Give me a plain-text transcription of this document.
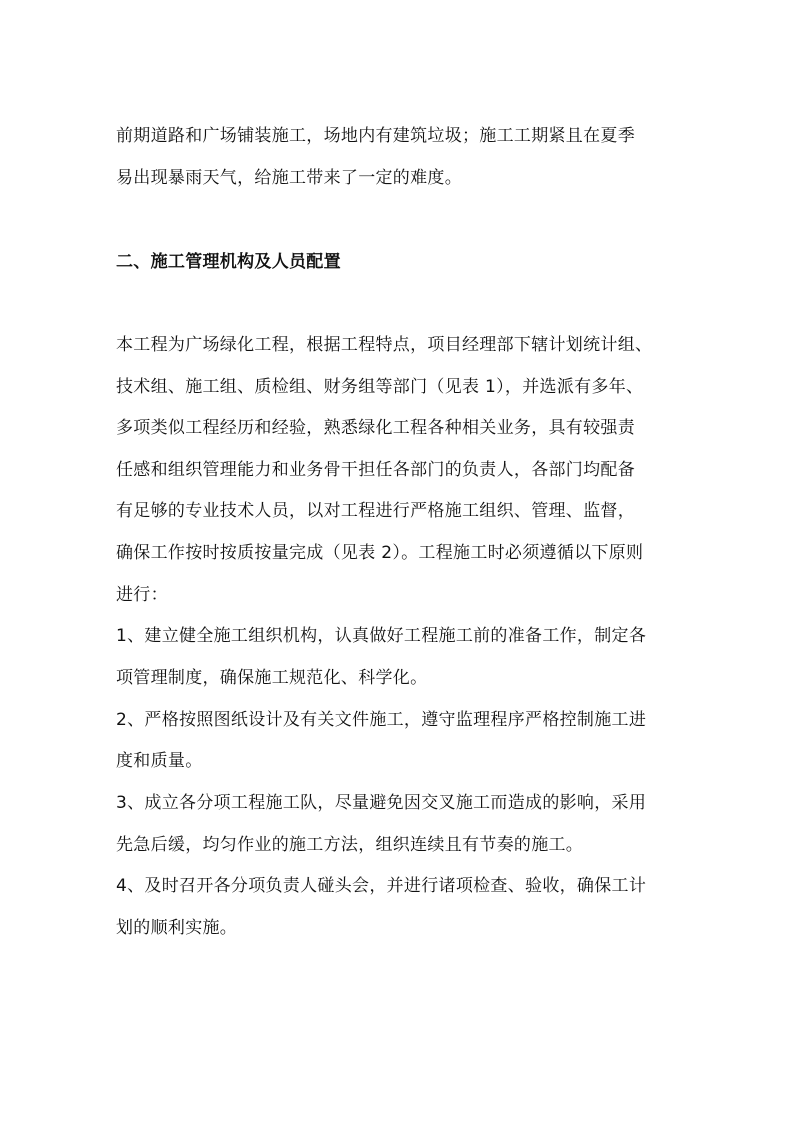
前期道路和广场铺装施工，场地内有建筑垃圾；施工工期紧且在夏季
易出现暴雨天气，给施工带来了一定的难度。
二、施工管理机构及人员配置
本工程为广场绿化工程，根据工程特点，项目经理部下辖计划统计组、
技术组、施工组、质检组、财务组等部门（见表 1），并选派有多年、
多项类似工程经历和经验，熟悉绿化工程各种相关业务，具有较强责
任感和组织管理能力和业务骨干担任各部门的负责人，各部门均配备
有足够的专业技术人员，以对工程进行严格施工组织、管理、监督，
确保工作按时按质按量完成（见表 2）。工程施工时必须遵循以下原则
进行：
1、建立健全施工组织机构，认真做好工程施工前的准备工作，制定各
项管理制度，确保施工规范化、科学化。
2、严格按照图纸设计及有关文件施工，遵守监理程序严格控制施工进
度和质量。
3、成立各分项工程施工队，尽量避免因交叉施工而造成的影响，采用
先急后缓，均匀作业的施工方法，组织连续且有节奏的施工。
4、及时召开各分项负责人碰头会，并进行诸项检查、验收，确保工计
划的顺利实施。
